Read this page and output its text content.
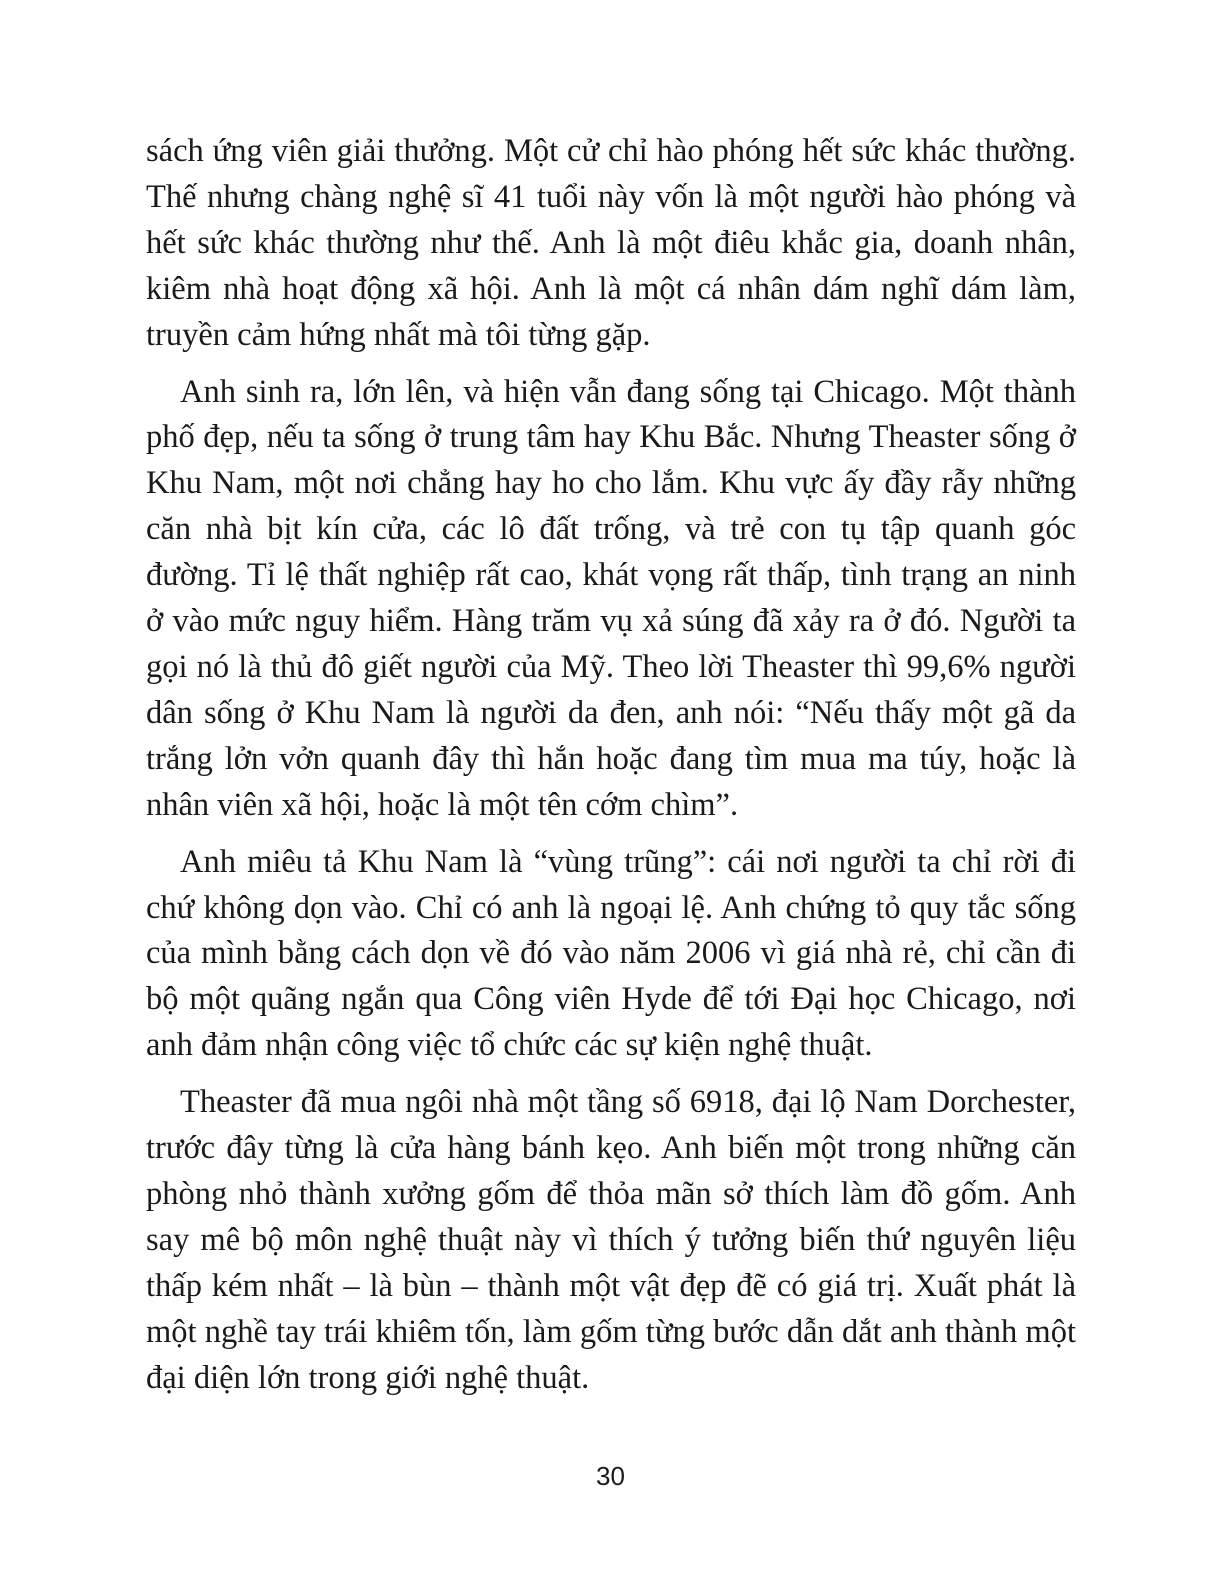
sách ứng viên giải thưởng. Một cử chỉ hào phóng hết sức khác thường. Thế nhưng chàng nghệ sĩ 41 tuổi này vốn là một người hào phóng và hết sức khác thường như thế. Anh là một điêu khắc gia, doanh nhân, kiêm nhà hoạt động xã hội. Anh là một cá nhân dám nghĩ dám làm, truyền cảm hứng nhất mà tôi từng gặp.

Anh sinh ra, lớn lên, và hiện vẫn đang sống tại Chicago. Một thành phố đẹp, nếu ta sống ở trung tâm hay Khu Bắc. Nhưng Theaster sống ở Khu Nam, một nơi chẳng hay ho cho lắm. Khu vực ấy đầy rẫy những căn nhà bịt kín cửa, các lô đất trống, và trẻ con tụ tập quanh góc đường. Tỉ lệ thất nghiệp rất cao, khát vọng rất thấp, tình trạng an ninh ở vào mức nguy hiểm. Hàng trăm vụ xả súng đã xảy ra ở đó. Người ta gọi nó là thủ đô giết người của Mỹ. Theo lời Theaster thì 99,6% người dân sống ở Khu Nam là người da đen, anh nói: “Nếu thấy một gã da trắng lởn vởn quanh đây thì hắn hoặc đang tìm mua ma túy, hoặc là nhân viên xã hội, hoặc là một tên cớm chìm”.

Anh miêu tả Khu Nam là “vùng trũng”: cái nơi người ta chỉ rời đi chứ không dọn vào. Chỉ có anh là ngoại lệ. Anh chứng tỏ quy tắc sống của mình bằng cách dọn về đó vào năm 2006 vì giá nhà rẻ, chỉ cần đi bộ một quãng ngắn qua Công viên Hyde để tới Đại học Chicago, nơi anh đảm nhận công việc tổ chức các sự kiện nghệ thuật.

Theaster đã mua ngôi nhà một tầng số 6918, đại lộ Nam Dorchester, trước đây từng là cửa hàng bánh kẹo. Anh biến một trong những căn phòng nhỏ thành xưởng gốm để thỏa mãn sở thích làm đồ gốm. Anh say mê bộ môn nghệ thuật này vì thích ý tưởng biến thứ nguyên liệu thấp kém nhất – là bùn – thành một vật đẹp đẽ có giá trị. Xuất phát là một nghề tay trái khiêm tốn, làm gốm từng bước dẫn dắt anh thành một đại diện lớn trong giới nghệ thuật.

30
